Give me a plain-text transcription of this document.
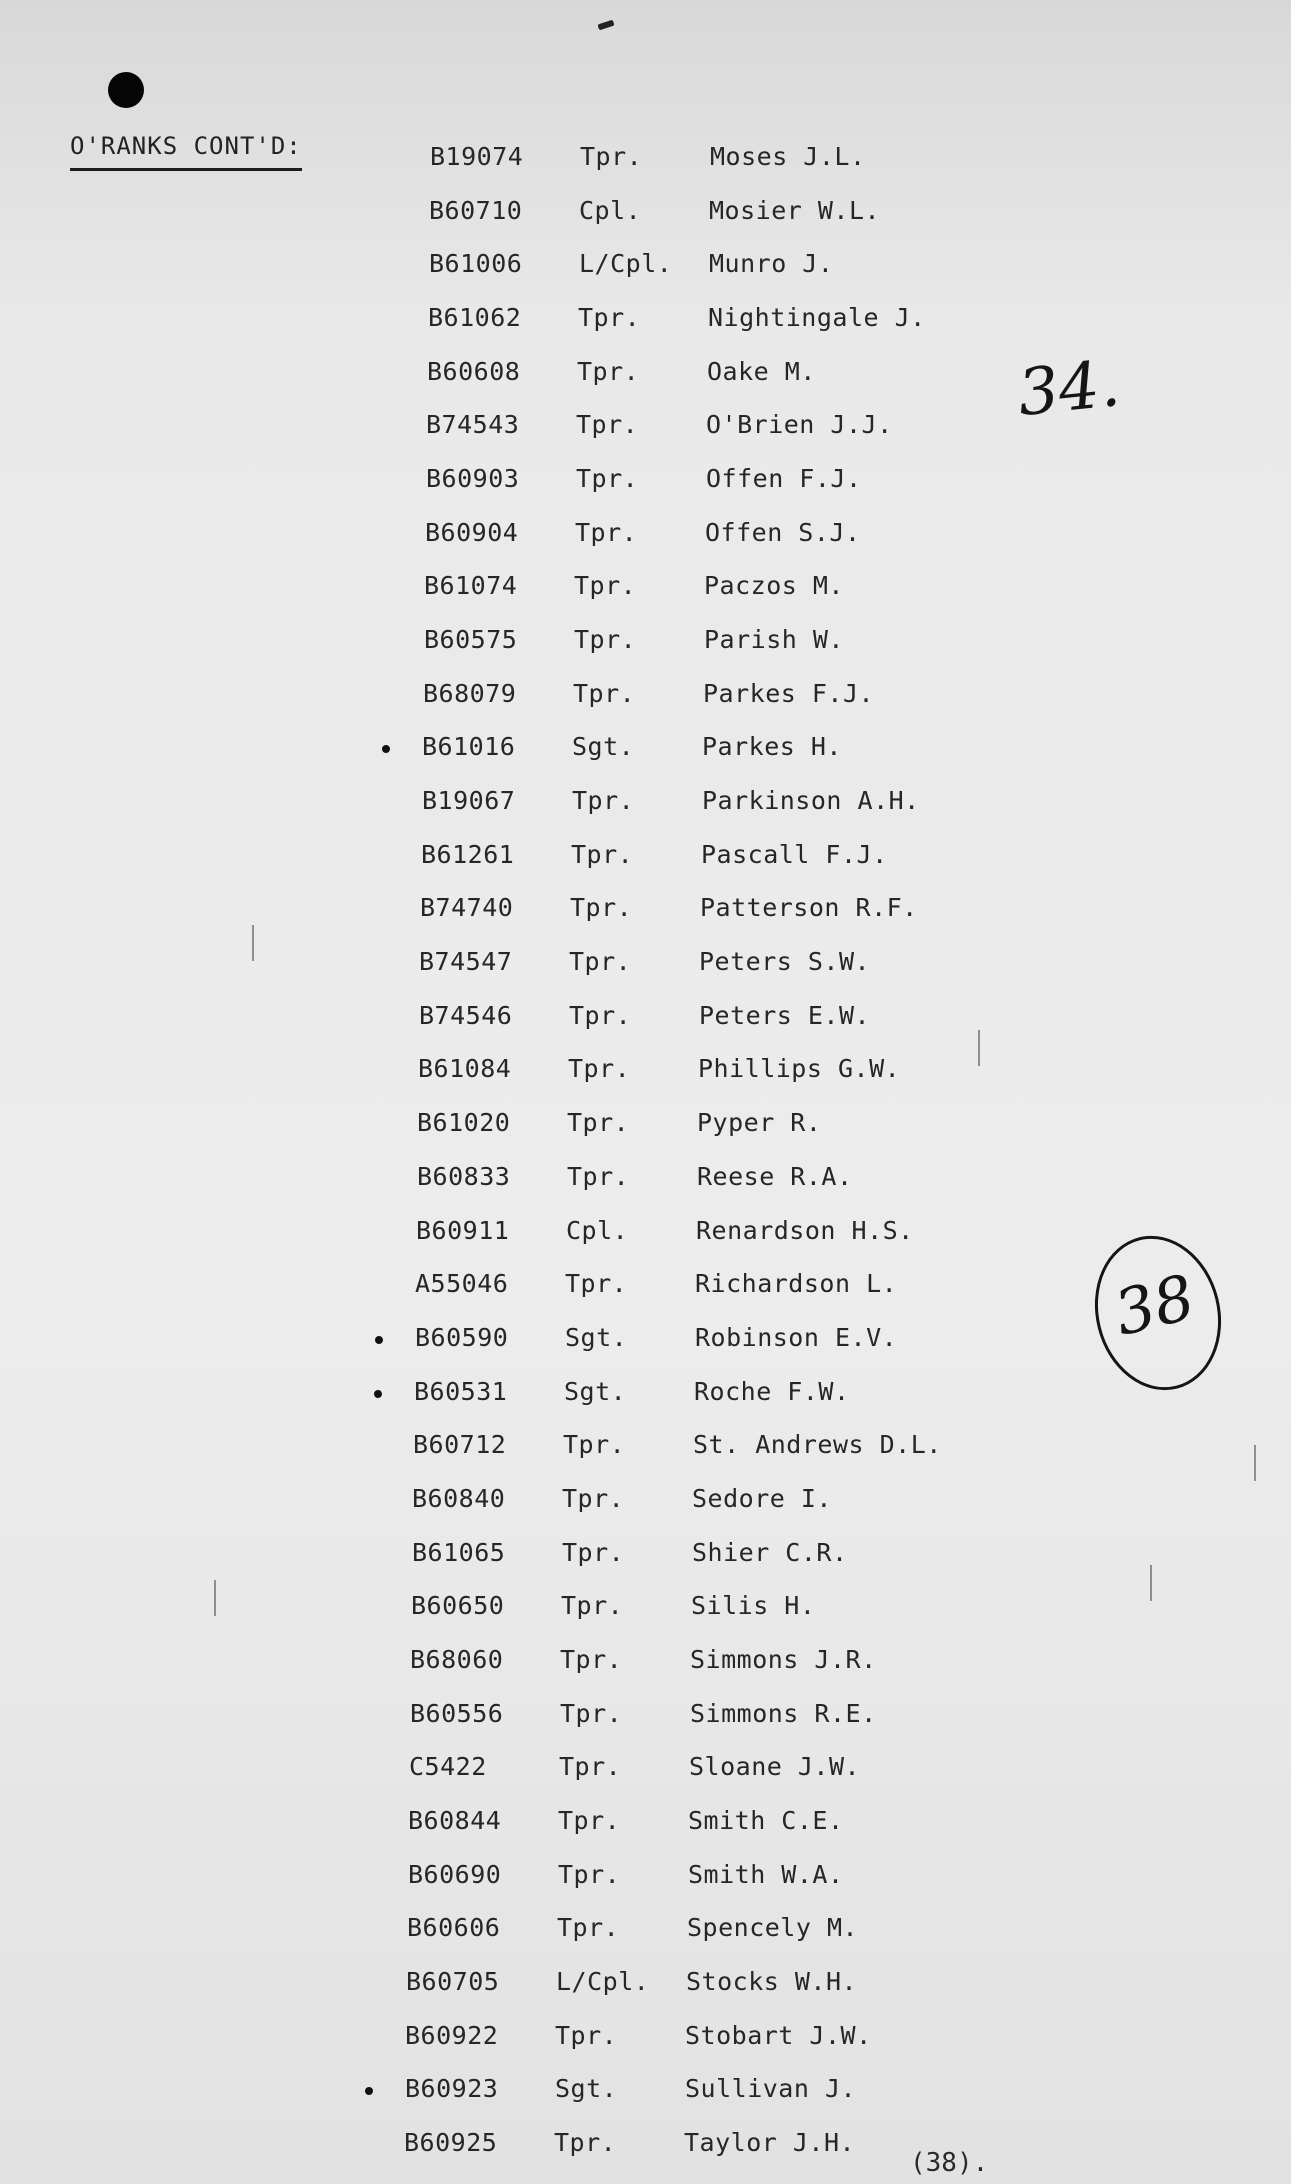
O'RANKS CONT'D:	B19074 Tpr.	Moses J.L.
B60710 Cpl.	Mosier W.L.
B61006 L/Cpl. Munro J.
B61062 Tpr.	Nightingale J.
B60608 Tpr.	Oake M.
B74543 Tpr.	O'Brien J.J.
B60903 Tpr.	Offen F.J.
B60904 Tpr.	Offen S.J.
B61074 Tpr.	Paczos M.
B60575 Tpr.	Parish W.
B68079 Tpr.	Parkes F.J.
B61016 Sgt.	Parkes H.
B19067 Tpr.	Parkinson A.H.
B61261 Tpr.	Pascall F.J.
B74740 Tpr.	Patterson R.F.
B74547 Tpr.	Peters S.W.
B74546 Tpr.	Peters E.W.
B61084 Tpr.	Phillips G.W.
B61020 Tpr.	Pyper R.
B60833 Tpr.	Reese R.A.
B60911 Cpl.	Renardson H.S.
A55046 Tpr.	Richardson L.
B60590 Sgt.	Robinson E.V.
B60531 Sgt.	Roche F.W.
B60712 Tpr.	St. Andrews D.L.
B60840 Tpr.	Sedore I.
B61065 Tpr.	Shier C.R.
B60650 Tpr.	Silis H.
B68060 Tpr.	Simmons J.R.
B60556 Tpr.	Simmons R.E.
C5422	Tpr.	Sloane J.W.
B60844 Tpr.	Smith C.E.
B60690 Tpr.	Smith W.A.
B60606 Tpr.	Spencely M.
B60705 L/Cpl. Stocks W.H.
B60922 Tpr.	Stobart J.W.
B60923 Sgt.	Sullivan J.
B60925 Tpr.	Taylor J.H.
34.
38
(38).
